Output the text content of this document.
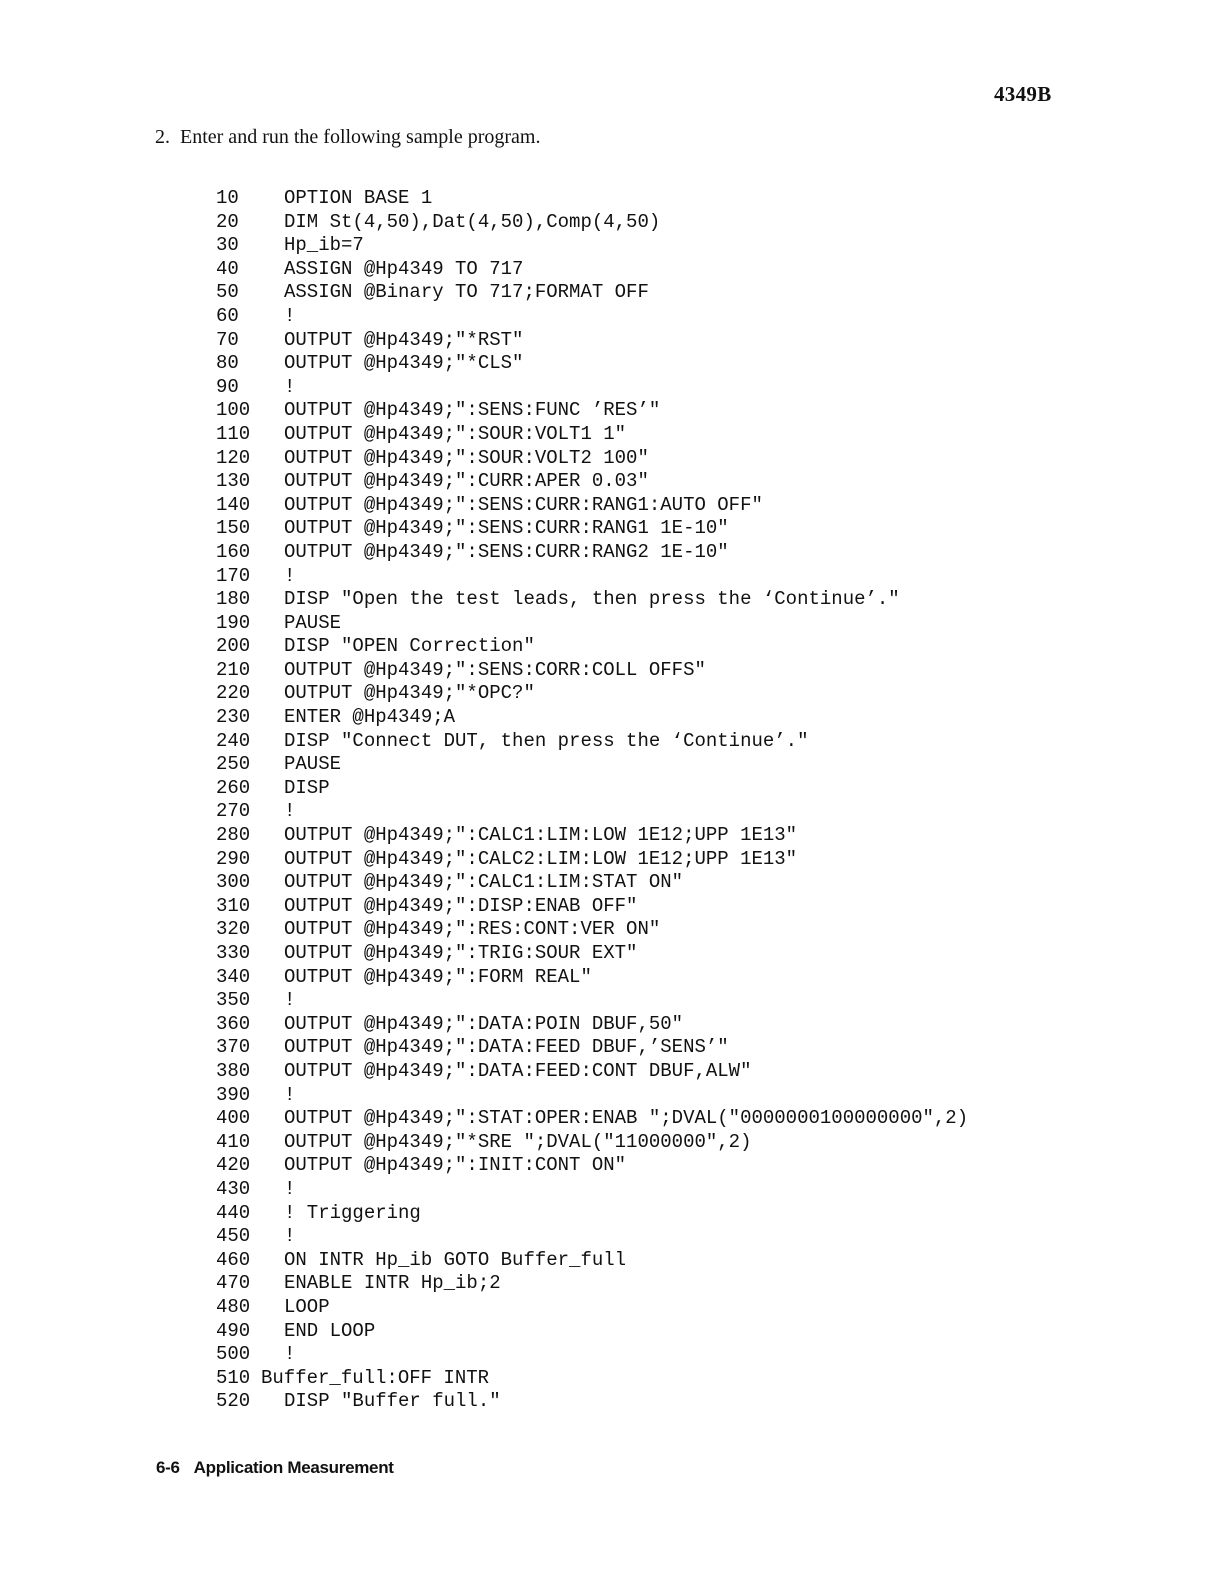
4349B
2. Enter and run the following sample program.
10	OPTION BASE 1
20	DIM St(4,50),Dat(4,50),Comp(4,50)
30	Hp_ib=7
40	ASSIGN @Hp4349 TO 717
50	ASSIGN @Binary TO 717;FORMAT OFF
60	!
70	OUTPUT @Hp4349;"*RST"
80	OUTPUT @Hp4349;"*CLS"
90	!
100	OUTPUT @Hp4349;":SENS:FUNC ’RES’"
110	OUTPUT @Hp4349;":SOUR:VOLT1 1"
120	OUTPUT @Hp4349;":SOUR:VOLT2 100"
130	OUTPUT @Hp4349;":CURR:APER 0.03"
140	OUTPUT @Hp4349;":SENS:CURR:RANG1:AUTO OFF"
150	OUTPUT @Hp4349;":SENS:CURR:RANG1 1E-10"
160	OUTPUT @Hp4349;":SENS:CURR:RANG2 1E-10"
170	!
180	DISP "Open the test leads, then press the ‘Continue’."
190	PAUSE
200	DISP "OPEN Correction"
210	OUTPUT @Hp4349;":SENS:CORR:COLL OFFS"
220	OUTPUT @Hp4349;"*OPC?"
230	ENTER @Hp4349;A
240	DISP "Connect DUT, then press the ‘Continue’."
250	PAUSE
260	DISP
270	!
280	OUTPUT @Hp4349;":CALC1:LIM:LOW 1E12;UPP 1E13"
290	OUTPUT @Hp4349;":CALC2:LIM:LOW 1E12;UPP 1E13"
300	OUTPUT @Hp4349;":CALC1:LIM:STAT ON"
310	OUTPUT @Hp4349;":DISP:ENAB OFF"
320	OUTPUT @Hp4349;":RES:CONT:VER ON"
330	OUTPUT @Hp4349;":TRIG:SOUR EXT"
340	OUTPUT @Hp4349;":FORM REAL"
350	!
360	OUTPUT @Hp4349;":DATA:POIN DBUF,50"
370	OUTPUT @Hp4349;":DATA:FEED DBUF,’SENS’"
380	OUTPUT @Hp4349;":DATA:FEED:CONT DBUF,ALW"
390	!
400	OUTPUT @Hp4349;":STAT:OPER:ENAB ";DVAL("0000000100000000",2)
410	OUTPUT @Hp4349;"*SRE ";DVAL("11000000",2)
420	OUTPUT @Hp4349;":INIT:CONT ON"
430	!
440	! Triggering
450	!
460	ON INTR Hp_ib GOTO Buffer_full
470	ENABLE INTR Hp_ib;2
480	LOOP
490	END LOOP
500	!
510 Buffer_full:OFF INTR
520	DISP "Buffer full."
6-6 Application Measurement
